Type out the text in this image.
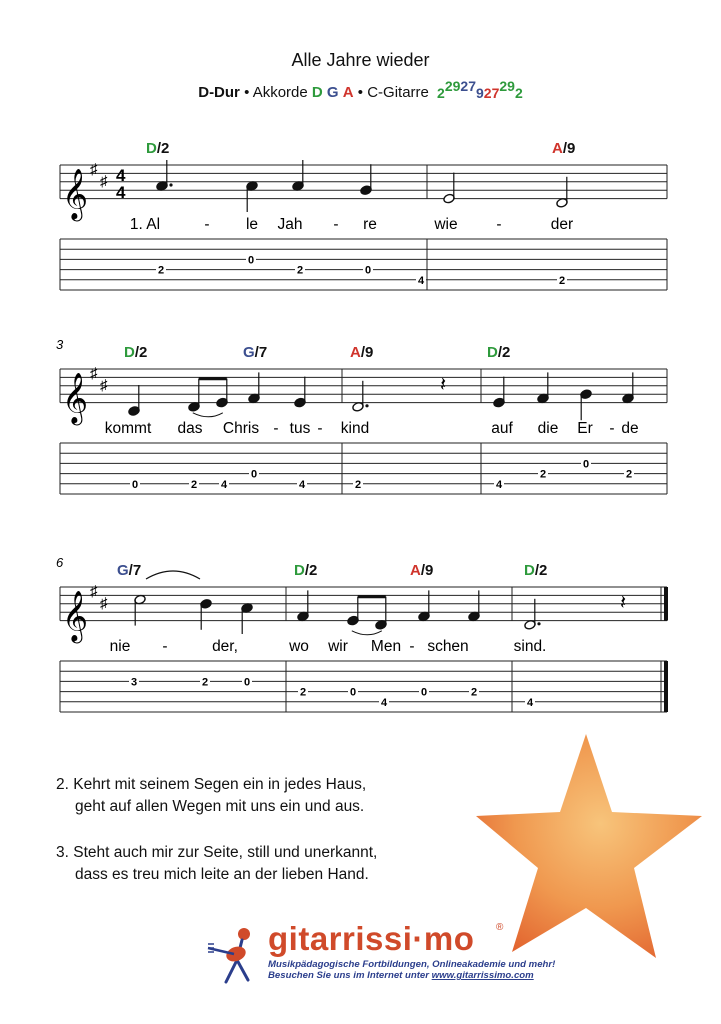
Alle Jahre wieder
D-Dur • Akkorde D G A • C-Gitarre 22927927292
𝄞
♯
♯ 4
4
D/2	A/9
1. Al	- le Jah - re	wie	-	der
2
0
2	0
4	2
𝄞
♯
♯
3	D/2	G/7	A/9	D/2
kommt das Chris - tus - kind	auf die Er - de
𝄽
0	2 4
0
4	2	4
2
0
2
𝄞
♯
♯
6	G/7	D/2	A/9	D/2
nie -	der,	wo wir Men - schen	sind.
𝄽
3	2	0
2	0
4
0	2
4
2. Kehrt mit seinem Segen ein in jedes Haus,
geht auf allen Wegen mit uns ein und aus.
3. Steht auch mir zur Seite, still und unerkannt,
dass es treu mich leite an der lieben Hand.
gitarrissi·mo ®
Musikpädagogische Fortbildungen, Onlineakademie und mehr!
Besuchen Sie uns im Internet unter www.gitarrissimo.com
